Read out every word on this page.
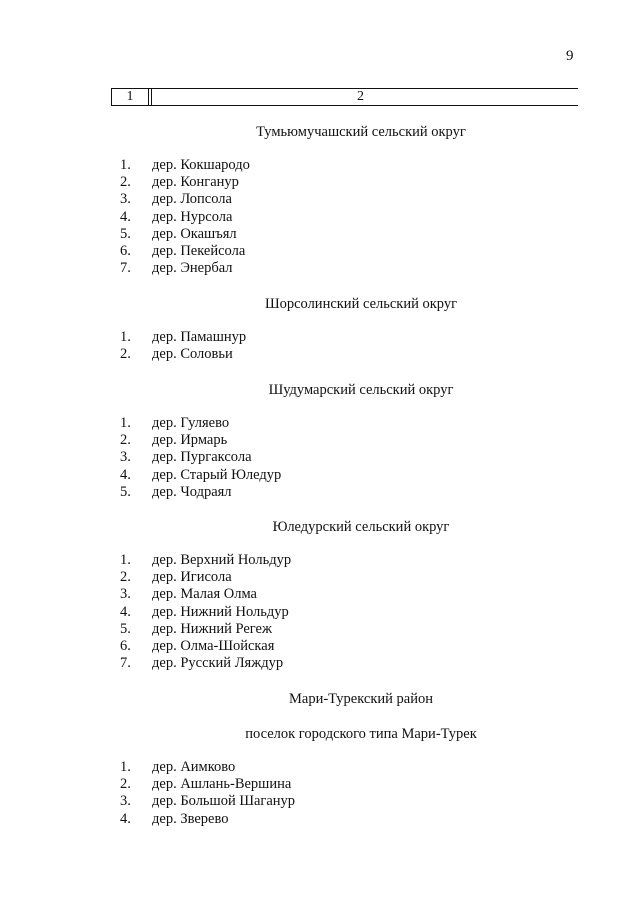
9
1	2
Тумьюмучашский сельский округ
1. дер. Кокшародо
2. дер. Конганур
3. дер. Лопсола
4. дер. Нурсола
5. дер. Окашъял
6. дер. Пекейсола
7. дер. Энербал
Шорсолинский сельский округ
1. дер. Памашнур
2. дер. Соловьи
Шудумарский сельский округ
1. дер. Гуляево
2. дер. Ирмарь
3. дер. Пургаксола
4. дер. Старый Юледур
5. дер. Чодраял
Юледурский сельский округ
1. дер. Верхний Нольдур
2. дер. Игисола
3. дер. Малая Олма
4. дер. Нижний Нольдур
5. дер. Нижний Регеж
6. дер. Олма-Шойская
7. дер. Русский Ляждур
Мари-Турекский район
поселок городского типа Мари-Турек
1. дер. Аимково
2. дер. Ашлань-Вершина
3. дер. Большой Шаганур
4. дер. Зверево
